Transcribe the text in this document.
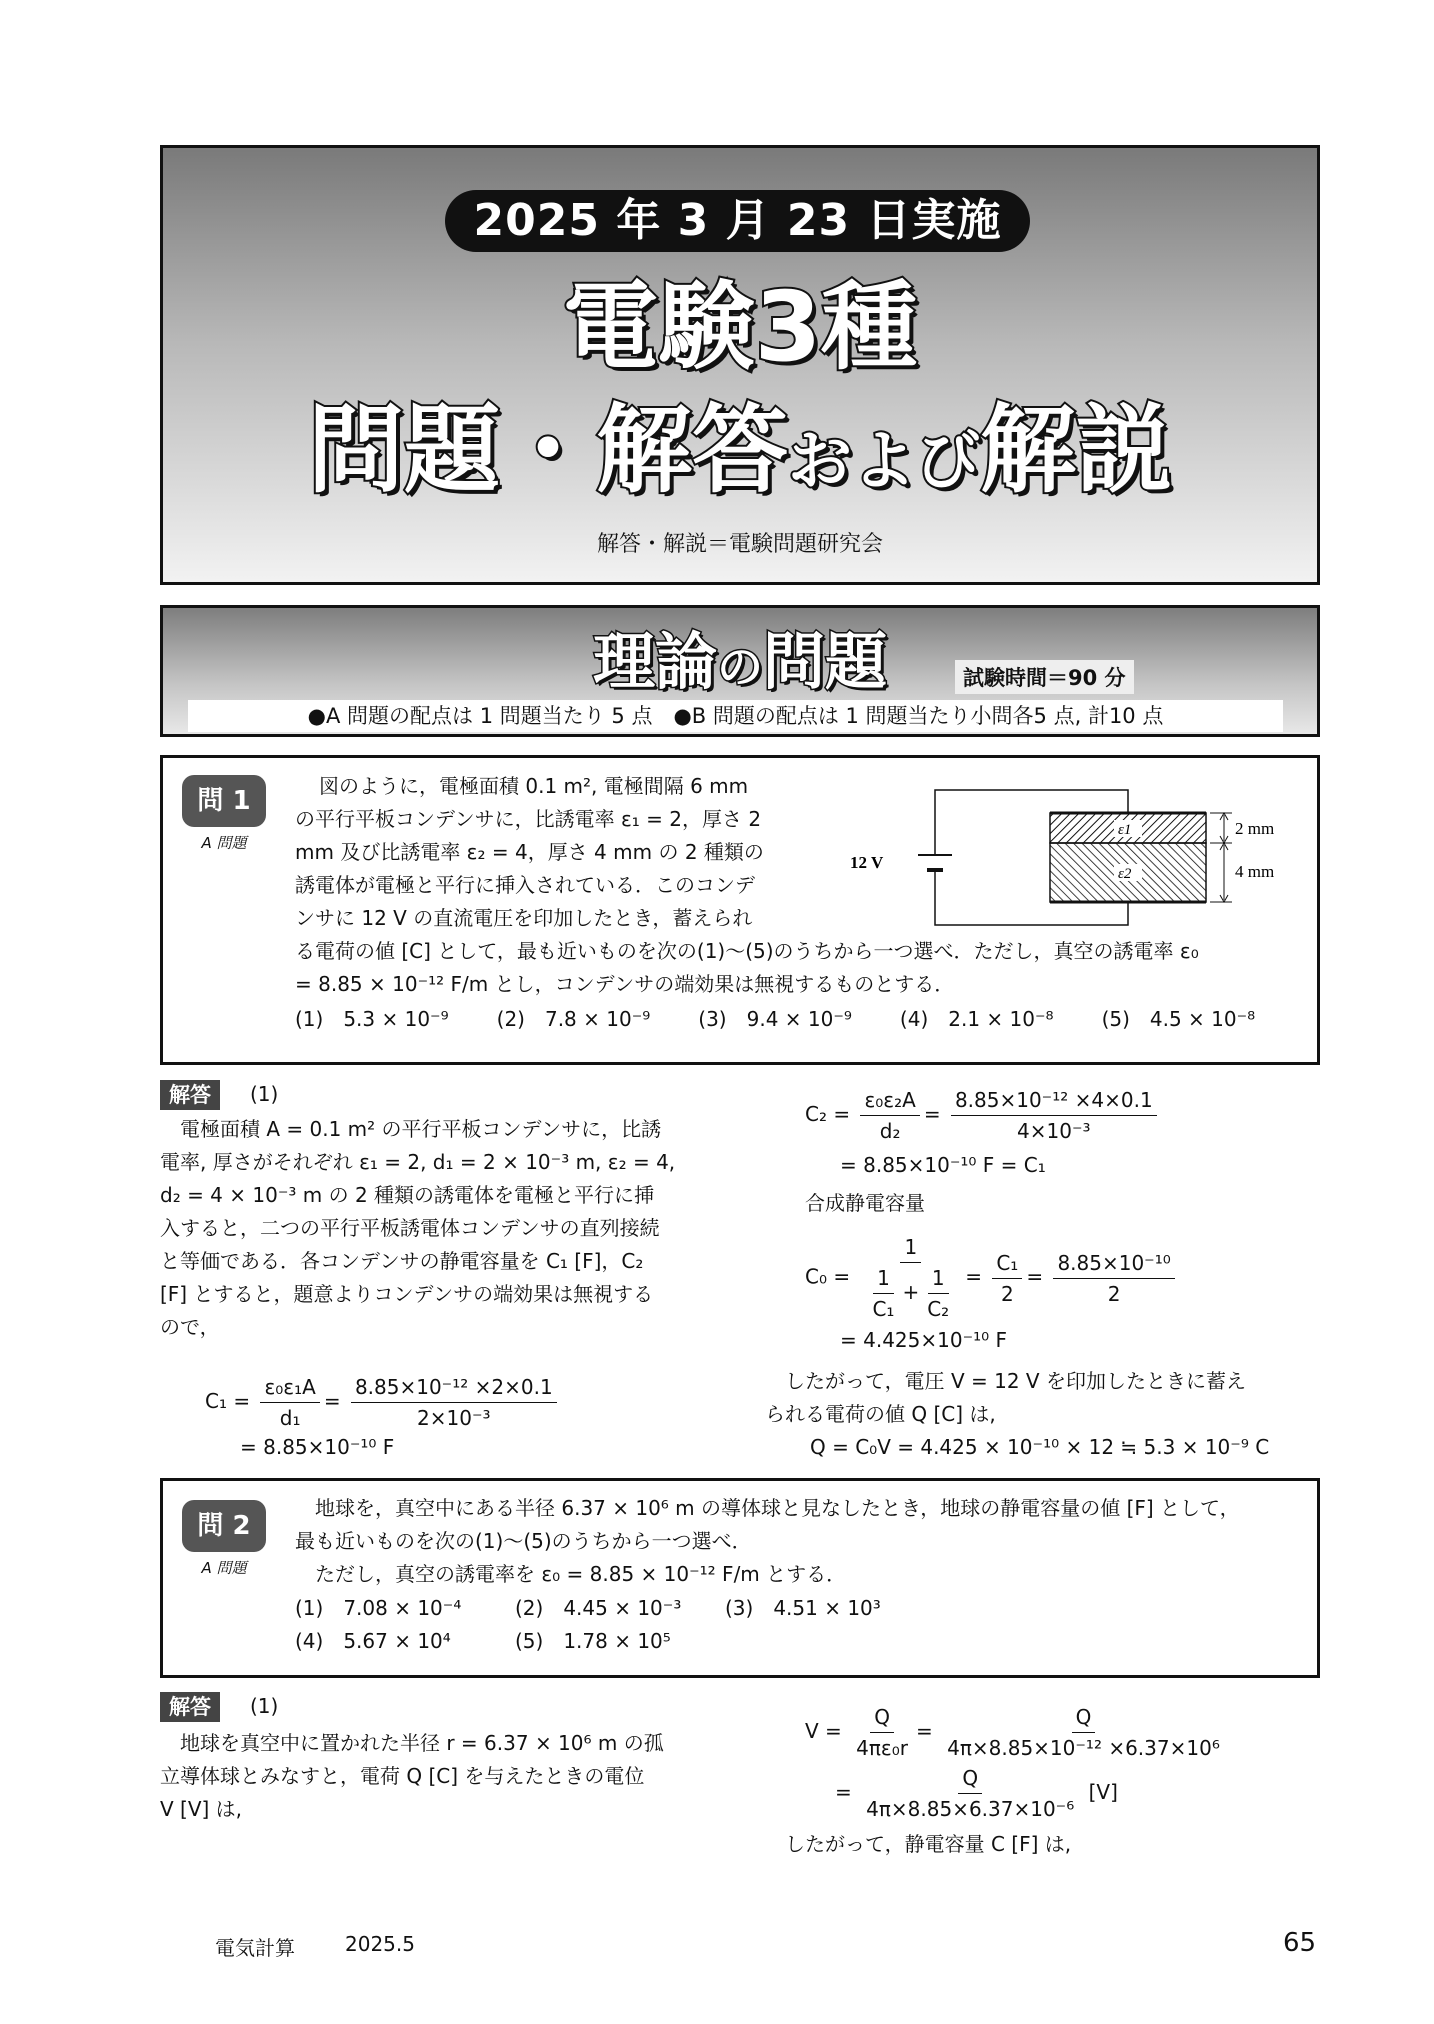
2025 年 3 月 23 日実施
電験3種
問題・解答および解説
解答・解説＝電験問題研究会
理論の問題	試験時間＝90 分
●A 問題の配点は 1 問題当たり 5 点　●B 問題の配点は 1 問題当たり小問各5 点, 計10 点
問 1
A 問題
図のように，電極面積 0.1 m², 電極間隔 6 mm
の平行平板コンデンサに，比誘電率 ε₁ = 2，厚さ 2
mm 及び比誘電率 ε₂ = 4，厚さ 4 mm の 2 種類の
誘電体が電極と平行に挿入されている．このコンデ
ンサに 12 V の直流電圧を印加したとき，蓄えられ
る電荷の値 [C] として，最も近いものを次の(1)〜(5)のうちから一つ選べ．ただし，真空の誘電率 ε₀
= 8.85 × 10⁻¹² F/m とし，コンデンサの端効果は無視するものとする．
(1)　5.3 × 10⁻⁹ (2)　7.8 × 10⁻⁹ (3)　9.4 × 10⁻⁹ (4)　2.1 × 10⁻⁸ (5)　4.5 × 10⁻⁸
12 V
ε1
ε2
2 mm
4 mm
解答	(1)
電極面積 A = 0.1 m² の平行平板コンデンサに，比誘
電率, 厚さがそれぞれ ε₁ = 2, d₁ = 2 × 10⁻³ m, ε₂ = 4,
d₂ = 4 × 10⁻³ m の 2 種類の誘電体を電極と平行に挿
入すると，二つの平行平板誘電体コンデンサの直列接続
と等価である．各コンデンサの静電容量を C₁ [F]，C₂
[F] とすると，題意よりコンデンサの端効果は無視する
ので，
$C_1 = \frac{\text{ε₀ε₁A}}{\text{d₁}} = \frac{\text{8.85×10⁻¹² ×2×0.1}}{\text{2×10⁻³}}$
= 8.85×10⁻¹⁰ F
$C_2 = \frac{\text{ε₀ε₂A}}{\text{d₂}} = \frac{\text{8.85×10⁻¹² ×4×0.1}}{\text{4×10⁻³}}$
= 8.85×10⁻¹⁰ F = C₁
合成静電容量
$C_0 = \frac{1}{\frac{1}{\text{C₁}} + \frac{1}{\text{C₂}}} = \frac{\text{C₁}}{2} = \frac{\text{8.85×10⁻¹⁰}}{2}$
= 4.425×10⁻¹⁰ F
したがって，電圧 V = 12 V を印加したときに蓄え
られる電荷の値 Q [C] は,
Q = C₀V = 4.425 × 10⁻¹⁰ × 12 ≒ 5.3 × 10⁻⁹ C
問 2
A 問題
地球を，真空中にある半径 6.37 × 10⁶ m の導体球と見なしたとき，地球の静電容量の値 [F] として，
最も近いものを次の(1)〜(5)のうちから一つ選べ．
ただし，真空の誘電率を ε₀ = 8.85 × 10⁻¹² F/m とする．
(1)　7.08 × 10⁻⁴	(2)　4.45 × 10⁻³	(3)　4.51 × 10³
(4)　5.67 × 10⁴	(5)　1.78 × 10⁵
解答	(1)
地球を真空中に置かれた半径 r = 6.37 × 10⁶ m の孤
立導体球とみなすと，電荷 Q [C] を与えたときの電位
V [V] は,
$V = \frac{Q}{\text{4πε₀r}} = \frac{Q}{\text{4π×8.85×10⁻¹² ×6.37×10⁶}}$
= $\frac{Q}{\text{4π×8.85×6.37×10⁻⁶}} [V]$
したがって，静電容量 C [F] は,
電気計算	2025.5	65
